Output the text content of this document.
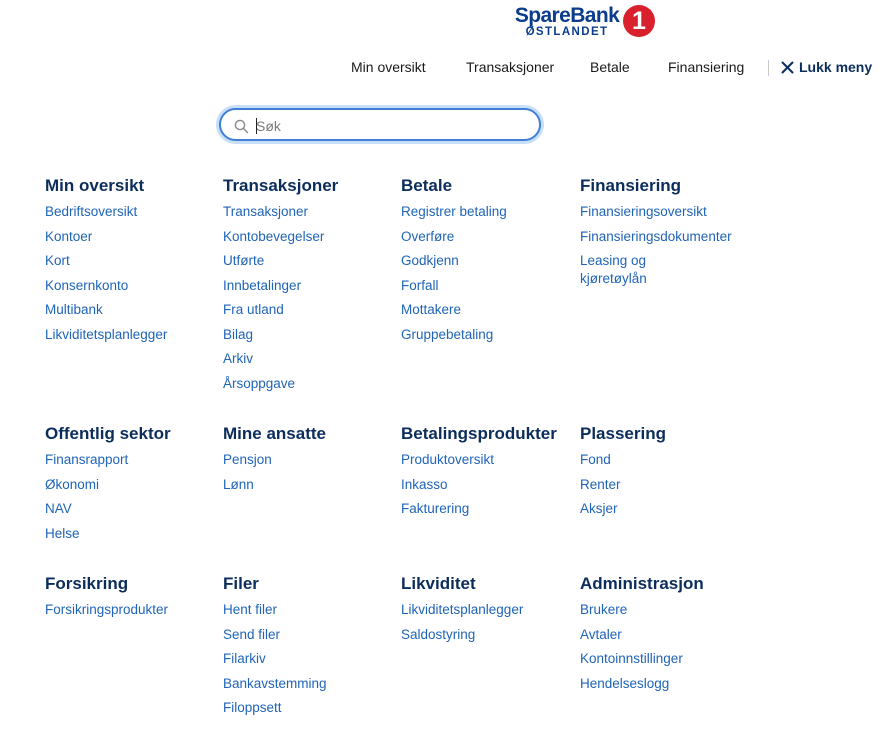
SpareBank
ØSTLANDET 1
Min oversikt	Transaksjoner	Betale	Finansiering	Lukk meny
Søk
Min oversikt
Bedriftsoversikt
Kontoer
Kort
Konsernkonto
Multibank
Likviditetsplanlegger
Transaksjoner
Transaksjoner
Kontobevegelser
Utførte
Innbetalinger
Fra utland
Bilag
Arkiv
Årsoppgave
Betale
Registrer betaling
Overføre
Godkjenn
Forfall
Mottakere
Gruppebetaling
Finansiering
Finansieringsoversikt
Finansieringsdokumenter
Leasing og kjøretøylån
Offentlig sektor
Finansrapport
Økonomi
NAV
Helse
Mine ansatte
Pensjon
Lønn
Betalingsprodukter
Produktoversikt
Inkasso
Fakturering
Plassering
Fond
Renter
Aksjer
Forsikring
Forsikringsprodukter
Filer
Hent filer
Send filer
Filarkiv
Bankavstemming
Filoppsett
Likviditet
Likviditetsplanlegger
Saldostyring
Administrasjon
Brukere
Avtaler
Kontoinnstillinger
Hendelseslogg
